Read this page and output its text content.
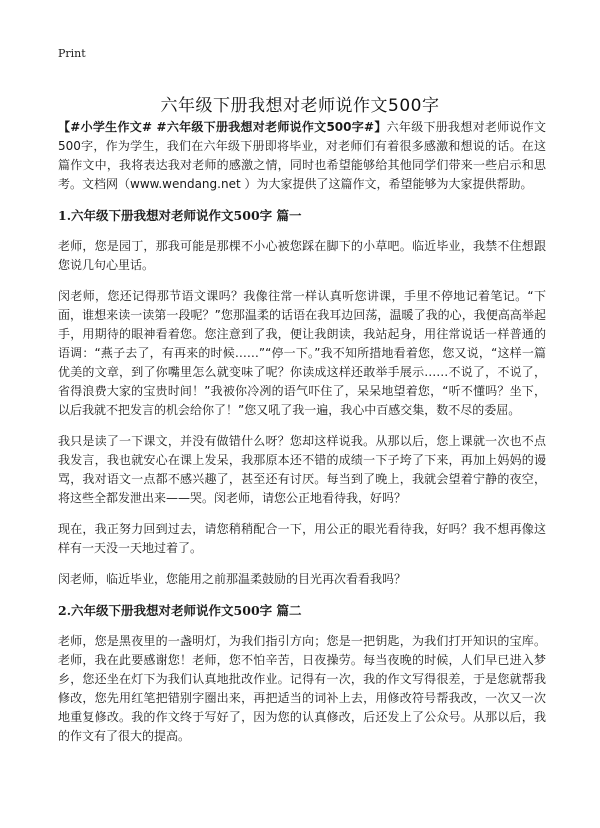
Print
六年级下册我想对老师说作文500字

【#小学生作文# #六年级下册我想对老师说作文500字#】六年级下册我想对老师说作文500字，作为学生，我们在六年级下册即将毕业，对老师们有着很多感激和想说的话。在这篇作文中，我将表达我对老师的感激之情，同时也希望能够给其他同学们带来一些启示和思考。文档网（www.wendang.net ）为大家提供了这篇作文，希望能够为大家提供帮助。

1.六年级下册我想对老师说作文500字 篇一

老师，您是园丁，那我可能是那棵不小心被您踩在脚下的小草吧。临近毕业，我禁不住想跟您说几句心里话。

闵老师，您还记得那节语文课吗？我像往常一样认真听您讲课，手里不停地记着笔记。“下面，谁想来读一读第一段呢？”您那温柔的话语在我耳边回荡，温暖了我的心，我便高高举起手，用期待的眼神看着您。您注意到了我，便让我朗读，我站起身，用往常说话一样普通的语调：“燕子去了，有再来的时候……”“停一下。”我不知所措地看着您，您又说，“这样一篇优美的文章，到了你嘴里怎么就变味了呢？你读成这样还敢举手展示……不说了，不说了，省得浪费大家的宝贵时间！”我被你冷冽的语气吓住了，呆呆地望着您，“听不懂吗？坐下，以后我就不把发言的机会给你了！”您又吼了我一遍，我心中百感交集，数不尽的委屈。

我只是读了一下课文，并没有做错什么呀？您却这样说我。从那以后，您上课就一次也不点我发言，我也就安心在课上发呆，我那原本还不错的成绩一下子垮了下来，再加上妈妈的谩骂，我对语文一点都不感兴趣了，甚至还有讨厌。每当到了晚上，我就会望着宁静的夜空，将这些全都发泄出来——哭。闵老师，请您公正地看待我，好吗？

现在，我正努力回到过去，请您稍稍配合一下，用公正的眼光看待我，好吗？我不想再像这样有一天没一天地过着了。

闵老师，临近毕业，您能用之前那温柔鼓励的目光再次看看我吗？

2.六年级下册我想对老师说作文500字 篇二

老师，您是黑夜里的一盏明灯，为我们指引方向；您是一把钥匙，为我们打开知识的宝库。老师，我在此要感谢您！老师，您不怕辛苦，日夜操劳。每当夜晚的时候，人们早已进入梦乡，您还坐在灯下为我们认真地批改作业。记得有一次，我的作文写得很差，于是您就帮我修改，您先用红笔把错别字圈出来，再把适当的词补上去，用修改符号帮我改，一次又一次地重复修改。我的作文终于写好了，因为您的认真修改，后还发上了公众号。从那以后，我的作文有了很大的提高。
